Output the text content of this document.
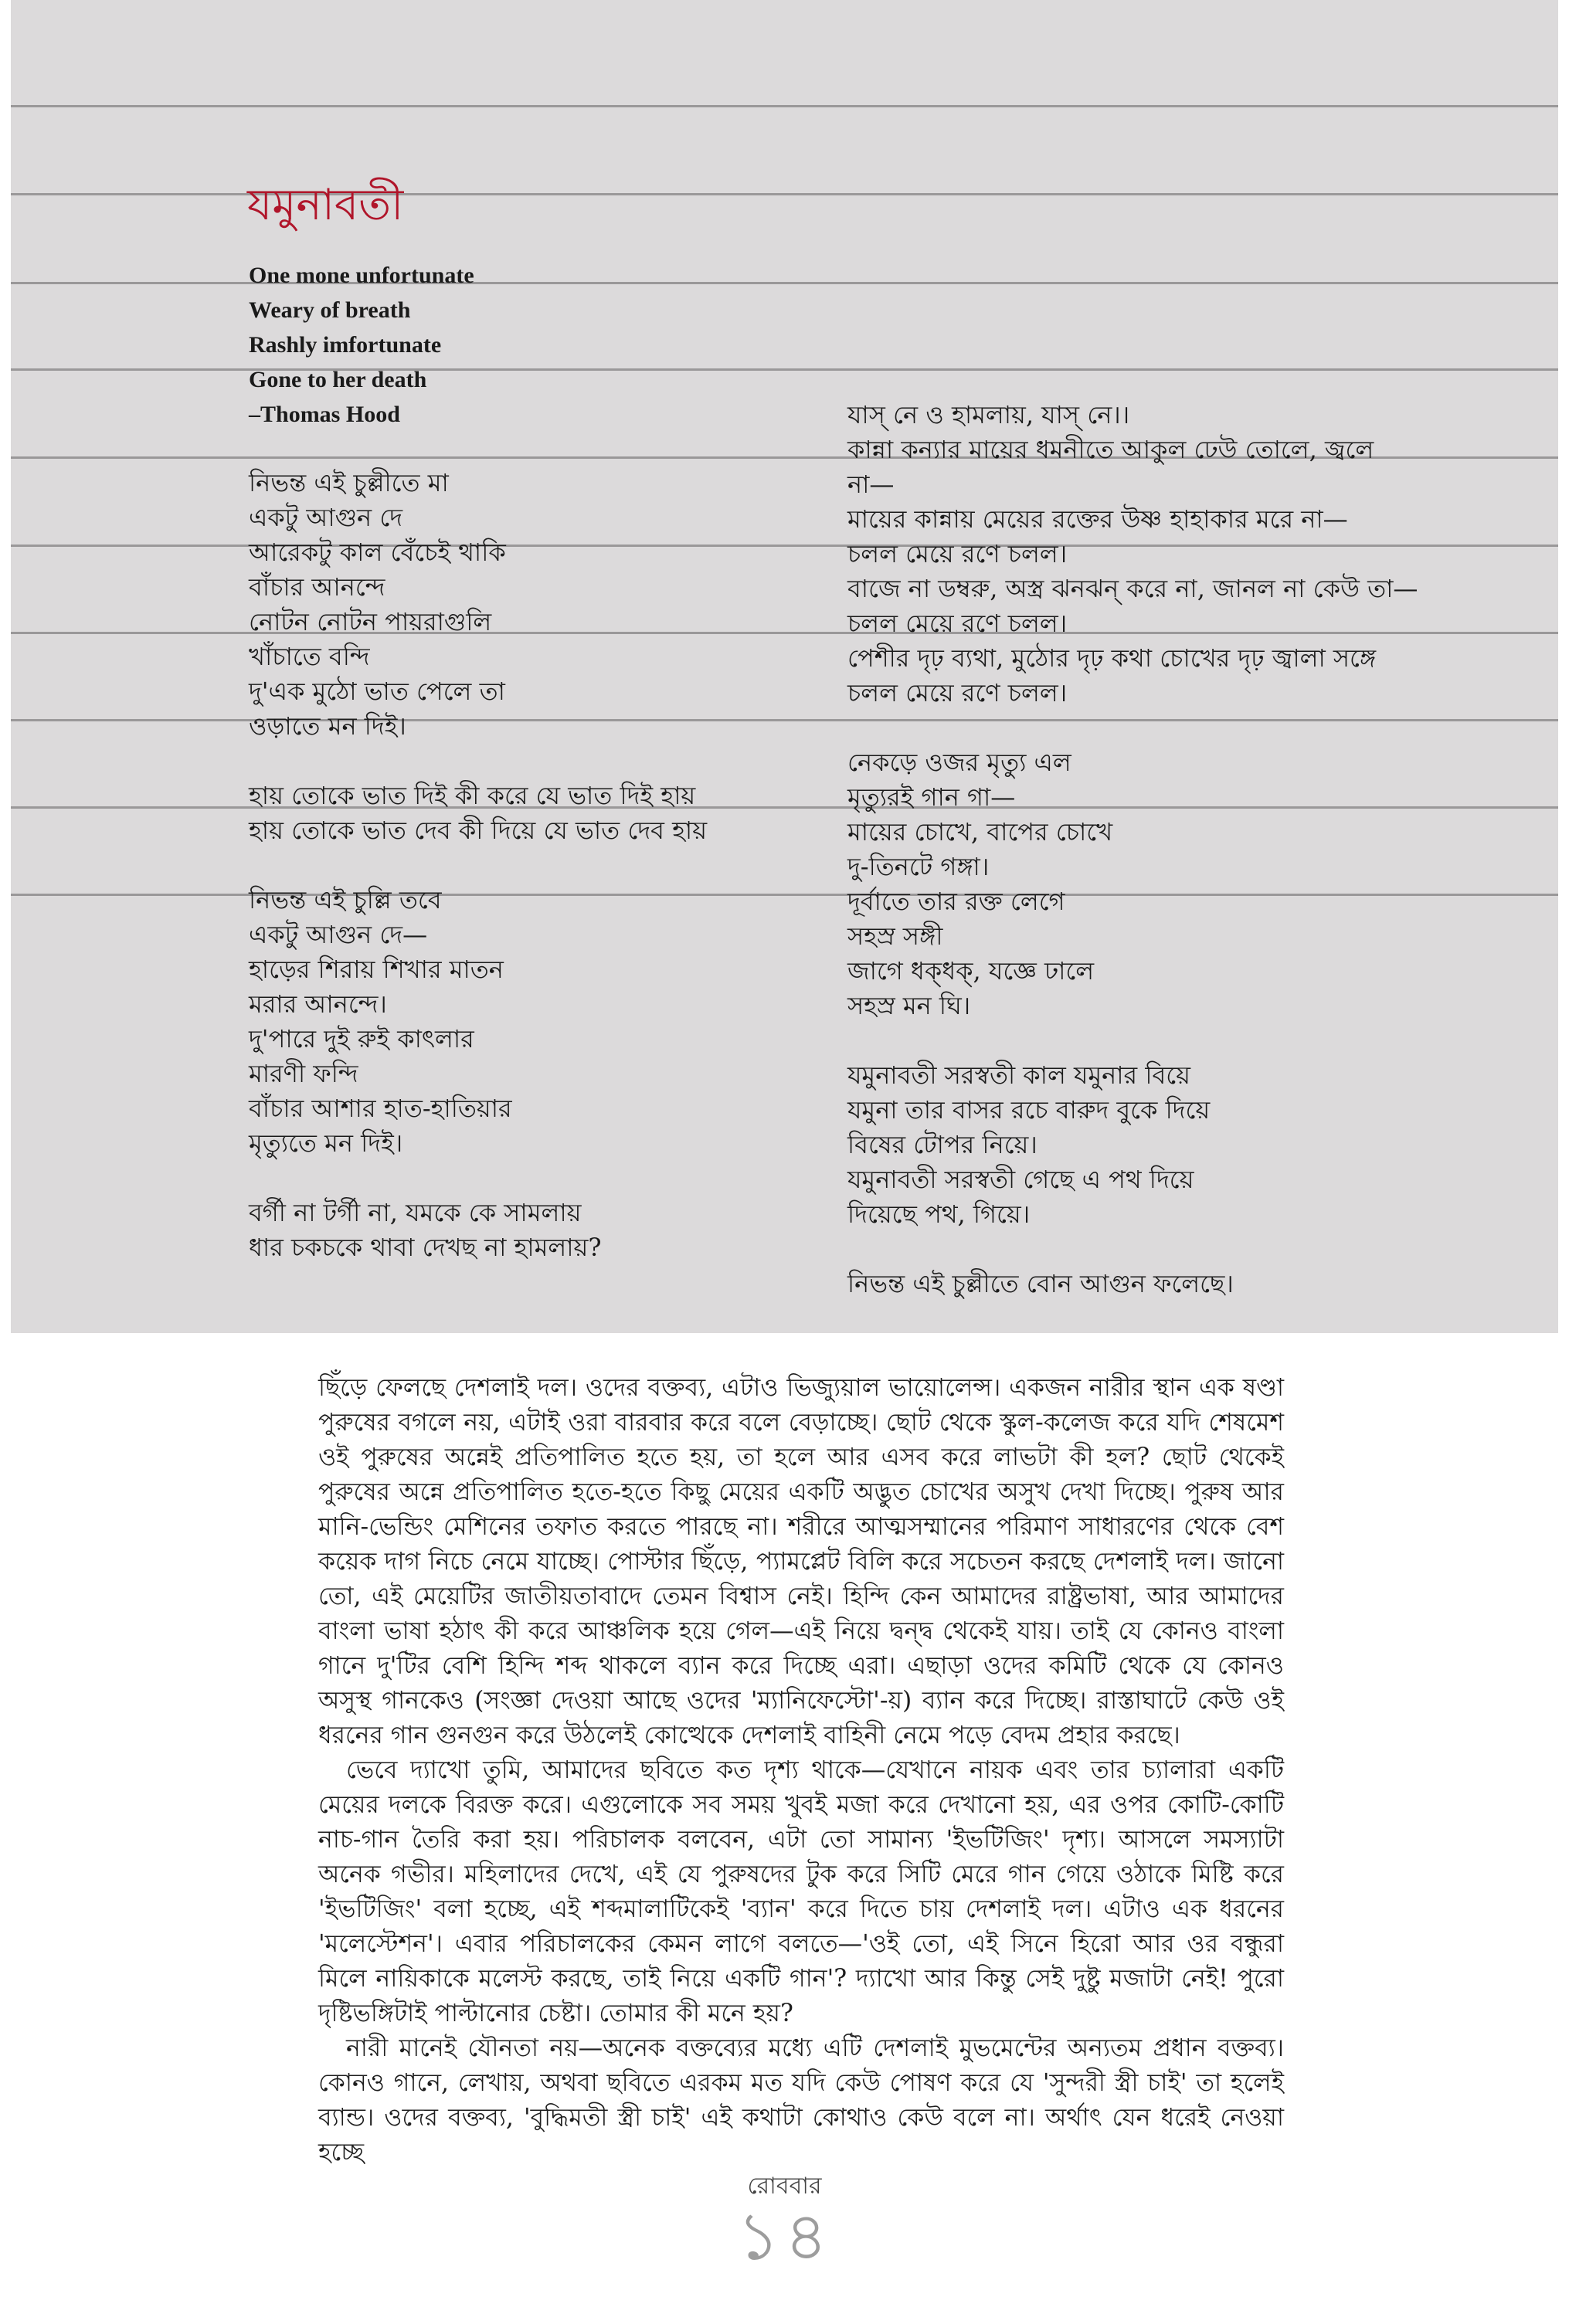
যমুনাবতী
One mone unfortunate
Weary of breath
Rashly imfortunate
Gone to her death
–Thomas Hood
নিভন্ত এই চুল্লীতে মা
একটু আগুন দে
আরেকটু কাল বেঁচেই থাকি
বাঁচার আনন্দে
নোটন নোটন পায়রাগুলি
খাঁচাতে বন্দি
দু'এক মুঠো ভাত পেলে তা
ওড়াতে মন দিই।
হায় তোকে ভাত দিই কী করে যে ভাত দিই হায়
হায় তোকে ভাত দেব কী দিয়ে যে ভাত দেব হায়
নিভন্ত এই চুল্লি তবে
একটু আগুন দে—
হাড়ের শিরায় শিখার মাতন
মরার আনন্দে।
দু'পারে দুই রুই কাৎলার
মারণী ফন্দি
বাঁচার আশার হাত-হাতিয়ার
মৃত্যুতে মন দিই।
বর্গী না টর্গী না, যমকে কে সামলায়
ধার চকচকে থাবা দেখছ না হামলায়?
যাস্ নে ও হামলায়, যাস্ নে।।
কান্না কন্যার মায়ের ধমনীতে আকুল ঢেউ তোলে, জ্বলে
না—
মায়ের কান্নায় মেয়ের রক্তের উষ্ণ হাহাকার মরে না—
চলল মেয়ে রণে চলল।
বাজে না ডম্বরু, অস্ত্র ঝনঝন্ করে না, জানল না কেউ তা—
চলল মেয়ে রণে চলল।
পেশীর দৃঢ় ব্যথা, মুঠোর দৃঢ় কথা চোখের দৃঢ় জ্বালা সঙ্গে
চলল মেয়ে রণে চলল।
নেকড়ে ওজর মৃত্যু এল
মৃত্যুরই গান গা—
মায়ের চোখে, বাপের চোখে
দু-তিনটে গঙ্গা।
দূর্বাতে তার রক্ত লেগে
সহস্র সঙ্গী
জাগে ধক্‌ধক্, যজ্ঞে ঢালে
সহস্র মন ঘি।
যমুনাবতী সরস্বতী কাল যমুনার বিয়ে
যমুনা তার বাসর রচে বারুদ বুকে দিয়ে
বিষের টোপর নিয়ে।
যমুনাবতী সরস্বতী গেছে এ পথ দিয়ে
দিয়েছে পথ, গিয়ে।
নিভন্ত এই চুল্লীতে বোন আগুন ফলেছে।

ছিঁড়ে ফেলছে দেশলাই দল। ওদের বক্তব্য, এটাও ভিজ্যুয়াল ভায়োলেন্স। একজন নারীর স্থান এক ষণ্ডা পুরুষের বগলে নয়, এটাই ওরা বারবার করে বলে বেড়াচ্ছে। ছোট থেকে স্কুল-কলেজ করে যদি শেষমেশ ওই পুরুষের অন্নেই প্রতিপালিত হতে হয়, তা হলে আর এসব করে লাভটা কী হল? ছোট থেকেই পুরুষের অন্নে প্রতিপালিত হতে-হতে কিছু মেয়ের একটি অদ্ভুত চোখের অসুখ দেখা দিচ্ছে। পুরুষ আর মানি-ভেন্ডিং মেশিনের তফাত করতে পারছে না। শরীরে আত্মসম্মানের পরিমাণ সাধারণের থেকে বেশ কয়েক দাগ নিচে নেমে যাচ্ছে। পোস্টার ছিঁড়ে, প্যামপ্লেট বিলি করে সচেতন করছে দেশলাই দল। জানো তো, এই মেয়েটির জাতীয়তাবাদে তেমন বিশ্বাস নেই। হিন্দি কেন আমাদের রাষ্ট্রভাষা, আর আমাদের বাংলা ভাষা হঠাৎ কী করে আঞ্চলিক হয়ে গেল—এই নিয়ে দ্বন্দ্ব থেকেই যায়। তাই যে কোনও বাংলা গানে দু'টির বেশি হিন্দি শব্দ থাকলে ব্যান করে দিচ্ছে এরা। এছাড়া ওদের কমিটি থেকে যে কোনও অসুস্থ গানকেও (সংজ্ঞা দেওয়া আছে ওদের 'ম্যানিফেস্টো'-য়) ব্যান করে দিচ্ছে। রাস্তাঘাটে কেউ ওই ধরনের গান গুনগুন করে উঠলেই কোত্থেকে দেশলাই বাহিনী নেমে পড়ে বেদম প্রহার করছে।

ভেবে দ্যাখো তুমি, আমাদের ছবিতে কত দৃশ্য থাকে—যেখানে নায়ক এবং তার চ্যালারা একটি মেয়ের দলকে বিরক্ত করে। এগুলোকে সব সময় খুবই মজা করে দেখানো হয়, এর ওপর কোটি-কোটি নাচ-গান তৈরি করা হয়। পরিচালক বলবেন, এটা তো সামান্য 'ইভটিজিং' দৃশ্য। আসলে সমস্যাটা অনেক গভীর। মহিলাদের দেখে, এই যে পুরুষদের টুক করে সিটি মেরে গান গেয়ে ওঠাকে মিষ্টি করে 'ইভটিজিং' বলা হচ্ছে, এই শব্দমালাটিকেই 'ব্যান' করে দিতে চায় দেশলাই দল। এটাও এক ধরনের 'মলেস্টেশন'। এবার পরিচালকের কেমন লাগে বলতে—'ওই তো, এই সিনে হিরো আর ওর বন্ধুরা মিলে নায়িকাকে মলেস্ট করছে, তাই নিয়ে একটি গান'? দ্যাখো আর কিন্তু সেই দুষ্টু মজাটা নেই! পুরো দৃষ্টিভঙ্গিটাই পাল্টানোর চেষ্টা। তোমার কী মনে হয়?

নারী মানেই যৌনতা নয়—অনেক বক্তব্যের মধ্যে এটি দেশলাই মুভমেন্টের অন্যতম প্রধান বক্তব্য। কোনও গানে, লেখায়, অথবা ছবিতে এরকম মত যদি কেউ পোষণ করে যে 'সুন্দরী স্ত্রী চাই' তা হলেই ব্যান্ড। ওদের বক্তব্য, 'বুদ্ধিমতী স্ত্রী চাই' এই কথাটা কোথাও কেউ বলে না। অর্থাৎ যেন ধরেই নেওয়া হচ্ছে

রোববার
১৪
